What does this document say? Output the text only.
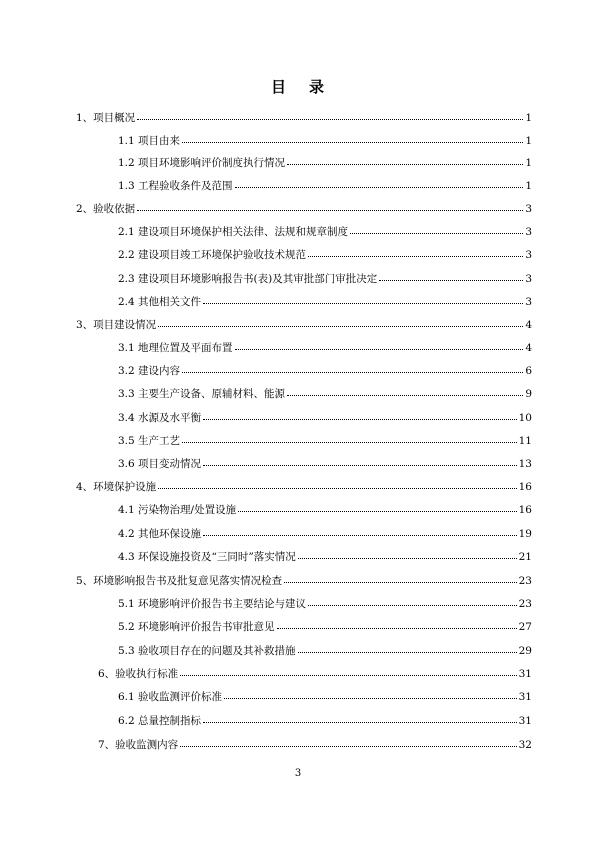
目 录
1、项目概况	1
1.1 项目由来	1
1.2 项目环境影响评价制度执行情况	1
1.3 工程验收条件及范围	1
2、验收依据	3
2.1 建设项目环境保护相关法律、法规和规章制度	3
2.2 建设项目竣工环境保护验收技术规范	3
2.3 建设项目环境影响报告书(表)及其审批部门审批决定	3
2.4 其他相关文件	3
3、项目建设情况	4
3.1 地理位置及平面布置	4
3.2 建设内容	6
3.3 主要生产设备、原辅材料、能源	9
3.4 水源及水平衡	10
3.5 生产工艺	11
3.6 项目变动情况	13
4、环境保护设施	16
4.1 污染物治理/处置设施	16
4.2 其他环保设施	19
4.3 环保设施投资及“三同时”落实情况	21
5、环境影响报告书及批复意见落实情况检查	23
5.1 环境影响评价报告书主要结论与建议	23
5.2 环境影响评价报告书审批意见	27
5.3 验收项目存在的问题及其补救措施	29
6、验收执行标准	31
6.1 验收监测评价标准	31
6.2 总量控制指标	31
7、验收监测内容	32
3
